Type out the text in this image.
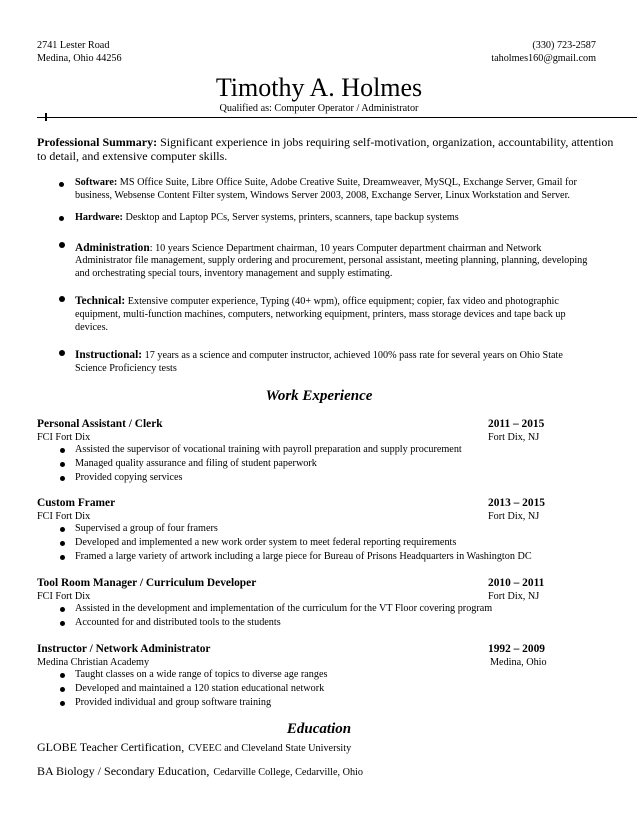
2741 Lester Road
Medina, Ohio 44256
(330) 723-2587
taholmes160@gmail.com
Timothy A. Holmes
Qualified as: Computer Operator / Administrator
Professional Summary: Significant experience in jobs requiring self-motivation, organization, accountability, attention
to detail, and extensive computer skills.
Software: MS Office Suite, Libre Office Suite, Adobe Creative Suite, Dreamweaver, MySQL, Exchange Server, Gmail for
business, Websense Content Filter system, Windows Server 2003, 2008, Exchange Server, Linux Workstation and Server.
Hardware: Desktop and Laptop PCs, Server systems, printers, scanners, tape backup systems
Administration: 10 years Science Department chairman, 10 years Computer department chairman and Network
Administrator file management, supply ordering and procurement, personal assistant, meeting planning, planning, developing
and orchestrating special tours, inventory management and supply estimating.
Technical: Extensive computer experience, Typing (40+ wpm), office equipment; copier, fax video and photographic
equipment, multi-function machines, computers, networking equipment, printers, mass storage devices and tape back up
devices.
Instructional: 17 years as a science and computer instructor, achieved 100% pass rate for several years on Ohio State
Science Proficiency tests
Work Experience
Personal Assistant / Clerk	2011 – 2015
FCI Fort Dix	Fort Dix, NJ
Assisted the supervisor of vocational training with payroll preparation and supply procurement
Managed quality assurance and filing of student paperwork
Provided copying services
Custom Framer	2013 – 2015
FCI Fort Dix	Fort Dix, NJ
Supervised a group of four framers
Developed and implemented a new work order system to meet federal reporting requirements
Framed a large variety of artwork including a large piece for Bureau of Prisons Headquarters in Washington DC
Tool Room Manager / Curriculum Developer	2010 – 2011
FCI Fort Dix	Fort Dix, NJ
Assisted in the development and implementation of the curriculum for the VT Floor covering program
Accounted for and distributed tools to the students
Instructor / Network Administrator	1992 – 2009
Medina Christian Academy	Medina, Ohio
Taught classes on a wide range of topics to diverse age ranges
Developed and maintained a 120 station educational network
Provided individual and group software training
Education
GLOBE Teacher Certification, CVEEC and Cleveland State University
BA Biology / Secondary Education, Cedarville College, Cedarville, Ohio
